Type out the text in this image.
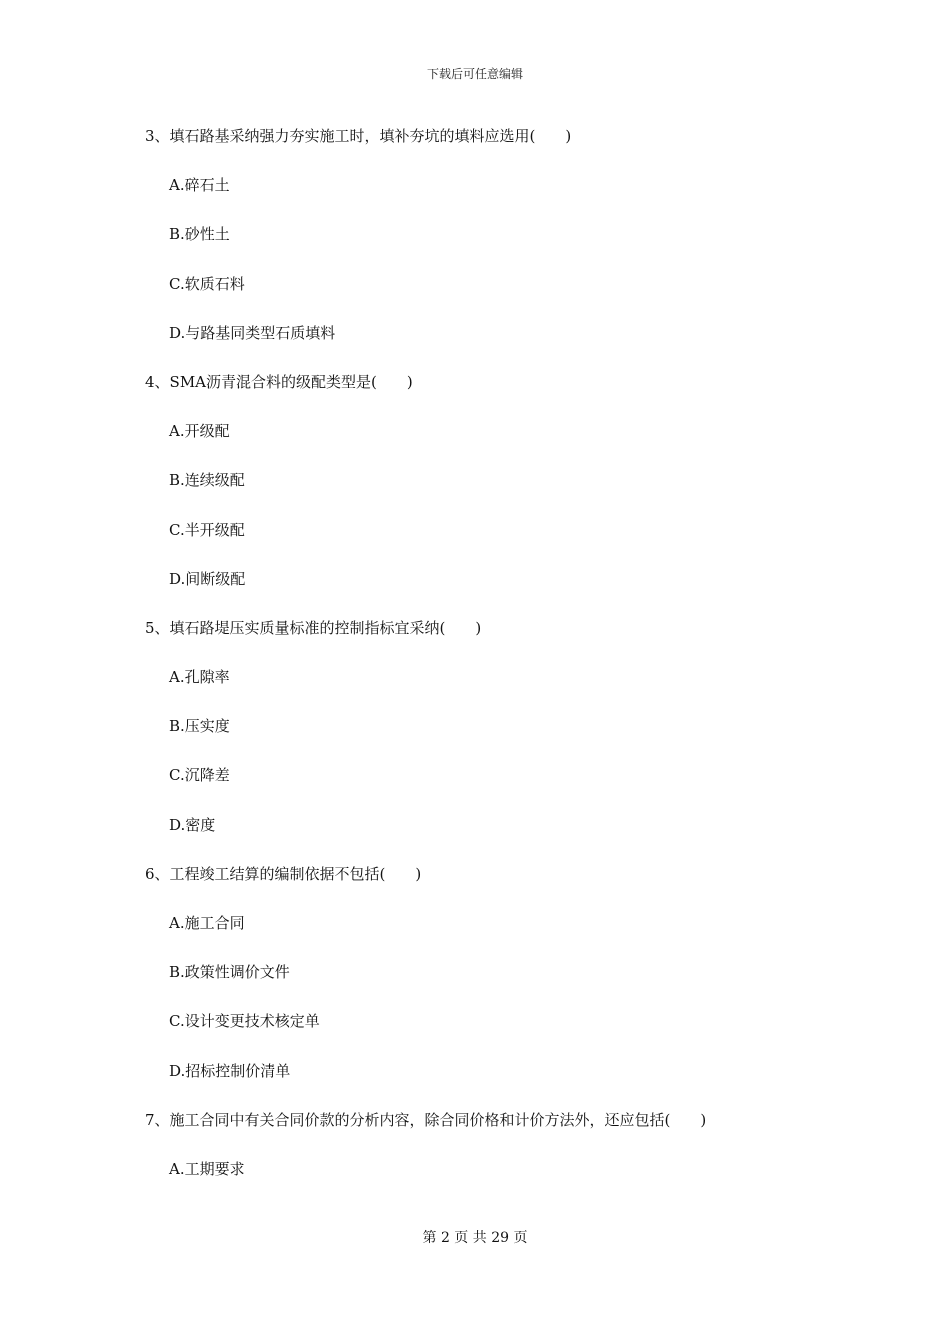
下载后可任意编辑
3、填石路基采纳强力夯实施工时，填补夯坑的填料应选用(　　)
A.碎石土
B.砂性土
C.软质石料
D.与路基同类型石质填料
4、SMA沥青混合料的级配类型是(　　)
A.开级配
B.连续级配
C.半开级配
D.间断级配
5、填石路堤压实质量标准的控制指标宜采纳(　　)
A.孔隙率
B.压实度
C.沉降差
D.密度
6、工程竣工结算的编制依据不包括(　　)
A.施工合同
B.政策性调价文件
C.设计变更技术核定单
D.招标控制价清单
7、施工合同中有关合同价款的分析内容，除合同价格和计价方法外，还应包括(　　)
A.工期要求
第 2 页 共 29 页
